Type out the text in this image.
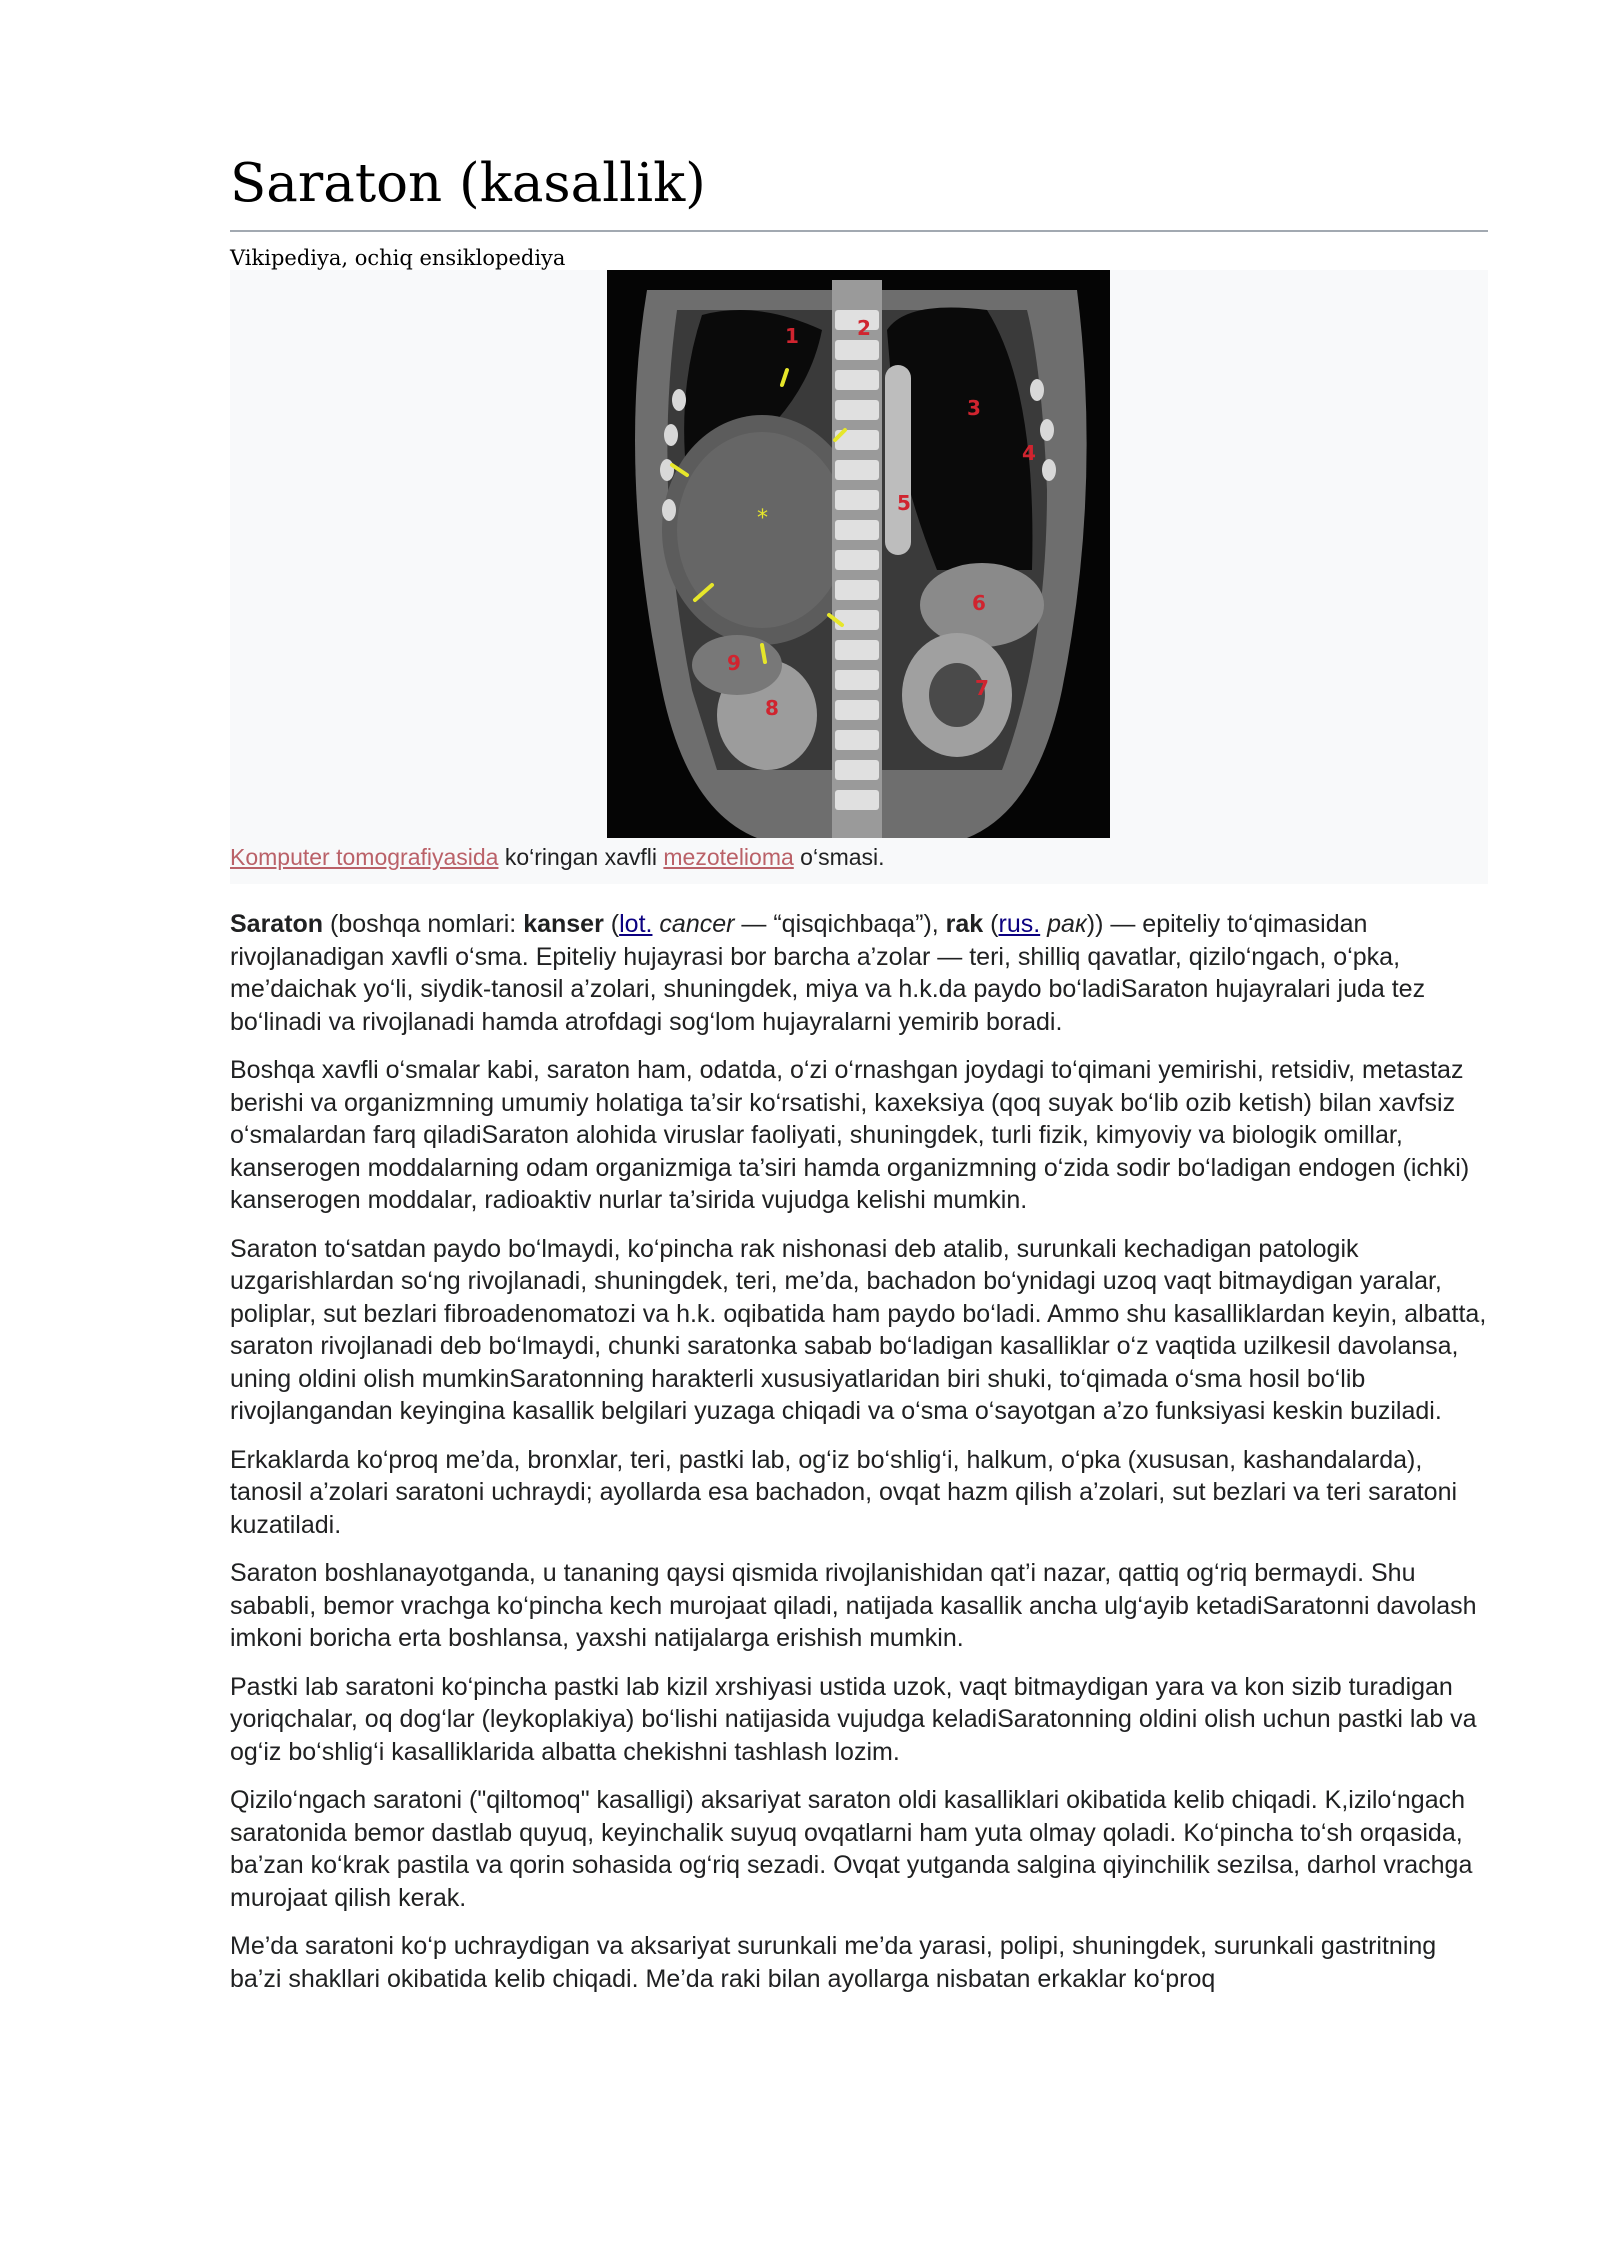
Saraton (kasallik)
Vikipediya, ochiq ensiklopediya
*
1	2
3
4
5
6
7
8
9
Komputer tomografiyasida ko‘ringan xavfli mezotelioma o‘smasi.

Saraton (boshqa nomlari: kanser (lot. cancer — “qisqichbaqa”), rak (rus. рак)) — epiteliy to‘qimasidan rivojlanadigan xavfli o‘sma. Epiteliy hujayrasi bor barcha a’zolar — teri, shilliq qavatlar, qizilo‘ngach, o‘pka, me’daichak yo‘li, siydik-tanosil a’zolari, shuningdek, miya va h.k.da paydo bo‘ladiSaraton hujayralari juda tez bo‘linadi va rivojlanadi hamda atrofdagi sog‘lom hujayralarni yemirib boradi.

Boshqa xavfli o‘smalar kabi, saraton ham, odatda, o‘zi o‘rnashgan joydagi to‘qimani yemirishi, retsidiv, metastaz berishi va organizmning umumiy holatiga ta’sir ko‘rsatishi, kaxeksiya (qoq suyak bo‘lib ozib ketish) bilan xavfsiz o‘smalardan farq qiladiSaraton alohida viruslar faoliyati, shuningdek, turli fizik, kimyoviy va biologik omillar, kanserogen moddalarning odam organizmiga ta’siri hamda organizmning o‘zida sodir bo‘ladigan endogen (ichki) kanserogen moddalar, radioaktiv nurlar ta’sirida vujudga kelishi mumkin.

Saraton to‘satdan paydo bo‘lmaydi, ko‘pincha rak nishonasi deb atalib, surunkali kechadigan patologik uzgarishlardan so‘ng rivojlanadi, shuningdek, teri, me’da, bachadon bo‘ynidagi uzoq vaqt bitmaydigan yaralar, poliplar, sut bezlari fibroadenomatozi va h.k. oqibatida ham paydo bo‘ladi. Ammo shu kasalliklardan keyin, albatta, saraton rivojlanadi deb bo‘lmaydi, chunki saratonka sabab bo‘ladigan kasalliklar o‘z vaqtida uzilkesil davolansa, uning oldini olish mumkinSaratonning harakterli xususiyatlaridan biri shuki, to‘qimada o‘sma hosil bo‘lib rivojlangandan keyingina kasallik belgilari yuzaga chiqadi va o‘sma o‘sayotgan a’zo funksiyasi keskin buziladi.

Erkaklarda ko‘proq me’da, bronxlar, teri, pastki lab, og‘iz bo‘shlig‘i, halkum, o‘pka (xususan, kashandalarda), tanosil a’zolari saratoni uchraydi; ayollarda esa bachadon, ovqat hazm qilish a’zolari, sut bezlari va teri saratoni kuzatiladi.

Saraton boshlanayotganda, u tananing qaysi qismida rivojlanishidan qat’i nazar, qattiq og‘riq bermaydi. Shu sababli, bemor vrachga ko‘pincha kech murojaat qiladi, natijada kasallik ancha ulg‘ayib ketadiSaratonni davolash imkoni boricha erta boshlansa, yaxshi natijalarga erishish mumkin.

Pastki lab saratoni ko‘pincha pastki lab kizil xrshiyasi ustida uzok, vaqt bitmaydigan yara va kon sizib turadigan yoriqchalar, oq dog‘lar (leykoplakiya) bo‘lishi natijasida vujudga keladiSaratonning oldini olish uchun pastki lab va og‘iz bo‘shlig‘i kasalliklarida albatta chekishni tashlash lozim.

Qizilo‘ngach saratoni ("qiltomoq" kasalligi) aksariyat saraton oldi kasalliklari okibatida kelib chiqadi. K,izilo‘ngach saratonida bemor dastlab quyuq, keyinchalik suyuq ovqatlarni ham yuta olmay qoladi. Ko‘pincha to‘sh orqasida, ba’zan ko‘krak pastila va qorin sohasida og‘riq sezadi. Ovqat yutganda salgina qiyinchilik sezilsa, darhol vrachga murojaat qilish kerak.

Me’da saratoni ko‘p uchraydigan va aksariyat surunkali me’da yarasi, polipi, shuningdek, surunkali gastritning ba’zi shakllari okibatida kelib chiqadi. Me’da raki bilan ayollarga nisbatan erkaklar ko‘proq
